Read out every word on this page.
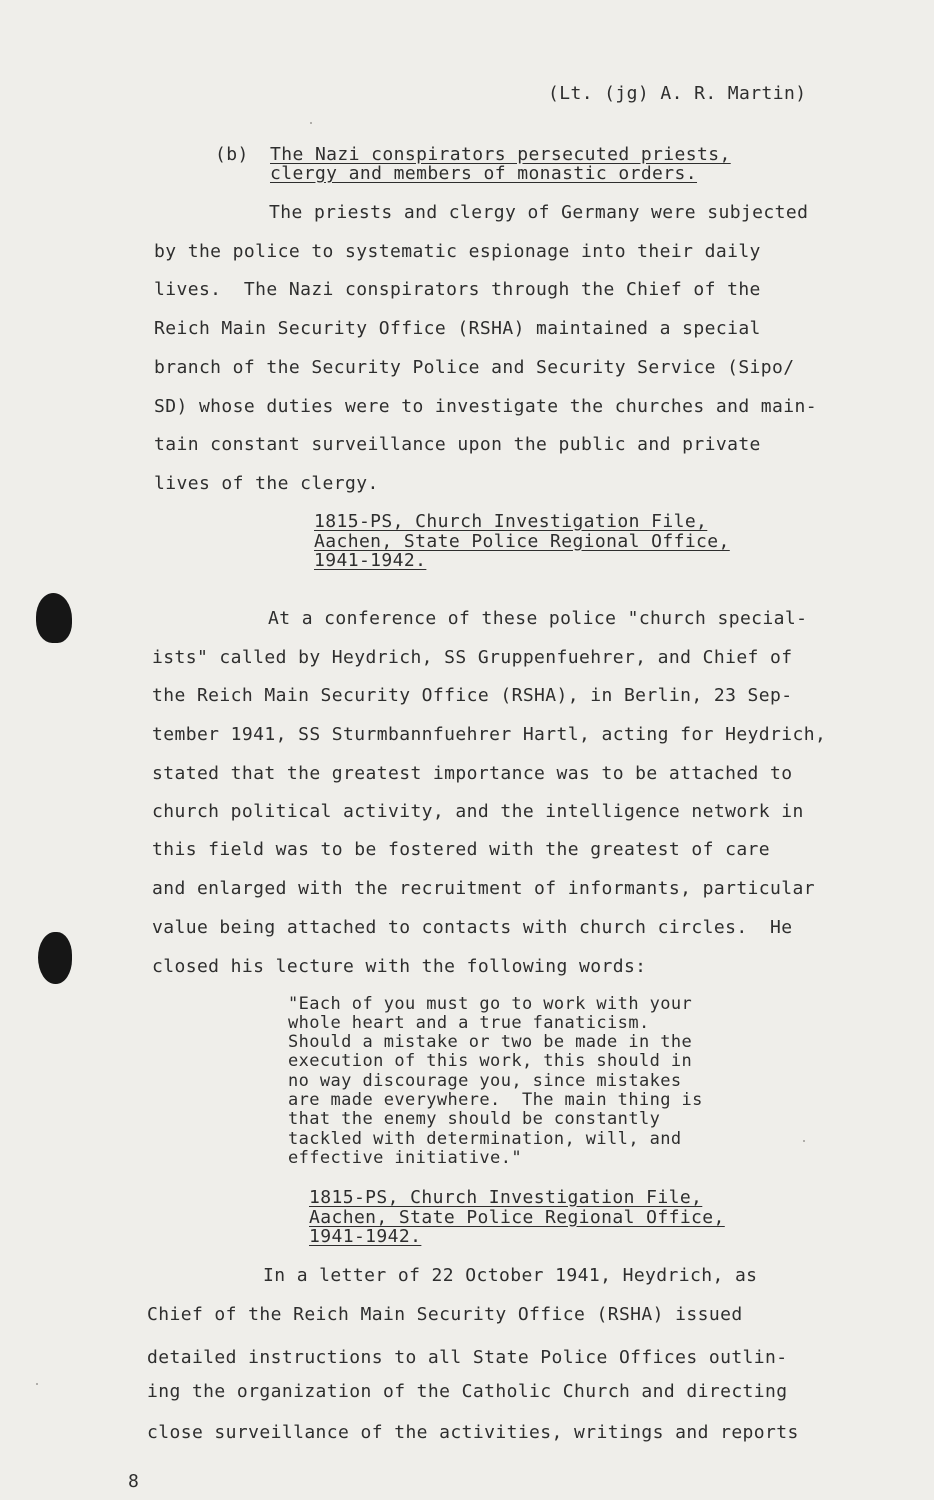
(Lt. (jg) A. R. Martin)
(b) The Nazi conspirators persecuted priests,
clergy and members of monastic orders.
The priests and clergy of Germany were subjected
by the police to systematic espionage into their daily
lives.  The Nazi conspirators through the Chief of the
Reich Main Security Office (RSHA) maintained a special
branch of the Security Police and Security Service (Sipo/
SD) whose duties were to investigate the churches and main-
tain constant surveillance upon the public and private
lives of the clergy.
1815-PS, Church Investigation File,
Aachen, State Police Regional Office,
1941-1942.
At a conference of these police "church special-
ists" called by Heydrich, SS Gruppenfuehrer, and Chief of
the Reich Main Security Office (RSHA), in Berlin, 23 Sep-
tember 1941, SS Sturmbannfuehrer Hartl, acting for Heydrich,
stated that the greatest importance was to be attached to
church political activity, and the intelligence network in
this field was to be fostered with the greatest of care
and enlarged with the recruitment of informants, particular
value being attached to contacts with church circles.  He
closed his lecture with the following words:
"Each of you must go to work with your
whole heart and a true fanaticism.
Should a mistake or two be made in the
execution of this work, this should in
no way discourage you, since mistakes
are made everywhere.  The main thing is
that the enemy should be constantly
tackled with determination, will, and
effective initiative."
1815-PS, Church Investigation File,
Aachen, State Police Regional Office,
1941-1942.
In a letter of 22 October 1941, Heydrich, as
Chief of the Reich Main Security Office (RSHA) issued
detailed instructions to all State Police Offices outlin-
ing the organization of the Catholic Church and directing
close surveillance of the activities, writings and reports
8
